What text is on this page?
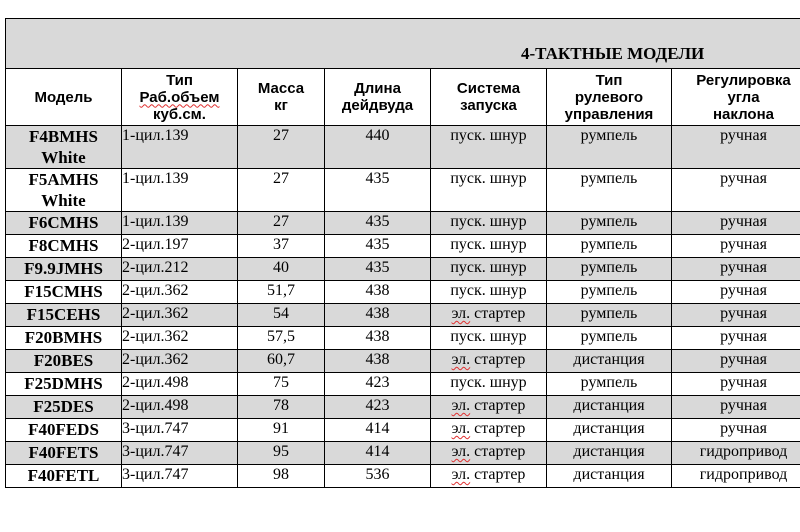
4-ТАКТНЫЕ МОДЕЛИ						

Модель	Тип
Раб.объем
куб.см.	Масса
кг	Длина
дейдвуда	Система
запуска	Тип
рулевого
управления	Регулировка
угла
наклона

F4BMHS
White	1-цил.139	27	440	пуск. шнур	румпель	ручная

F5AMHS
White	1-цил.139	27	435	пуск. шнур	румпель	ручная

F6CMHS	1-цил.139	27	435	пуск. шнур	румпель	ручная

F8CMHS	2-цил.197	37	435	пуск. шнур	румпель	ручная

F9.9JMHS	2-цил.212	40	435	пуск. шнур	румпель	ручная

F15CMHS	2-цил.362	51,7	438	пуск. шнур	румпель	ручная

F15CEHS	2-цил.362	54	438	эл. стартер	румпель	ручная

F20BMHS	2-цил.362	57,5	438	пуск. шнур	румпель	ручная

F20BES	2-цил.362	60,7	438	эл. стартер	дистанция	ручная

F25DMHS	2-цил.498	75	423	пуск. шнур	румпель	ручная

F25DES	2-цил.498	78	423	эл. стартер	дистанция	ручная

F40FEDS	3-цил.747	91	414	эл. стартер	дистанция	ручная

F40FETS	3-цил.747	95	414	эл. стартер	дистанция	гидропривод

F40FETL	3-цил.747	98	536	эл. стартер	дистанция	гидропривод
